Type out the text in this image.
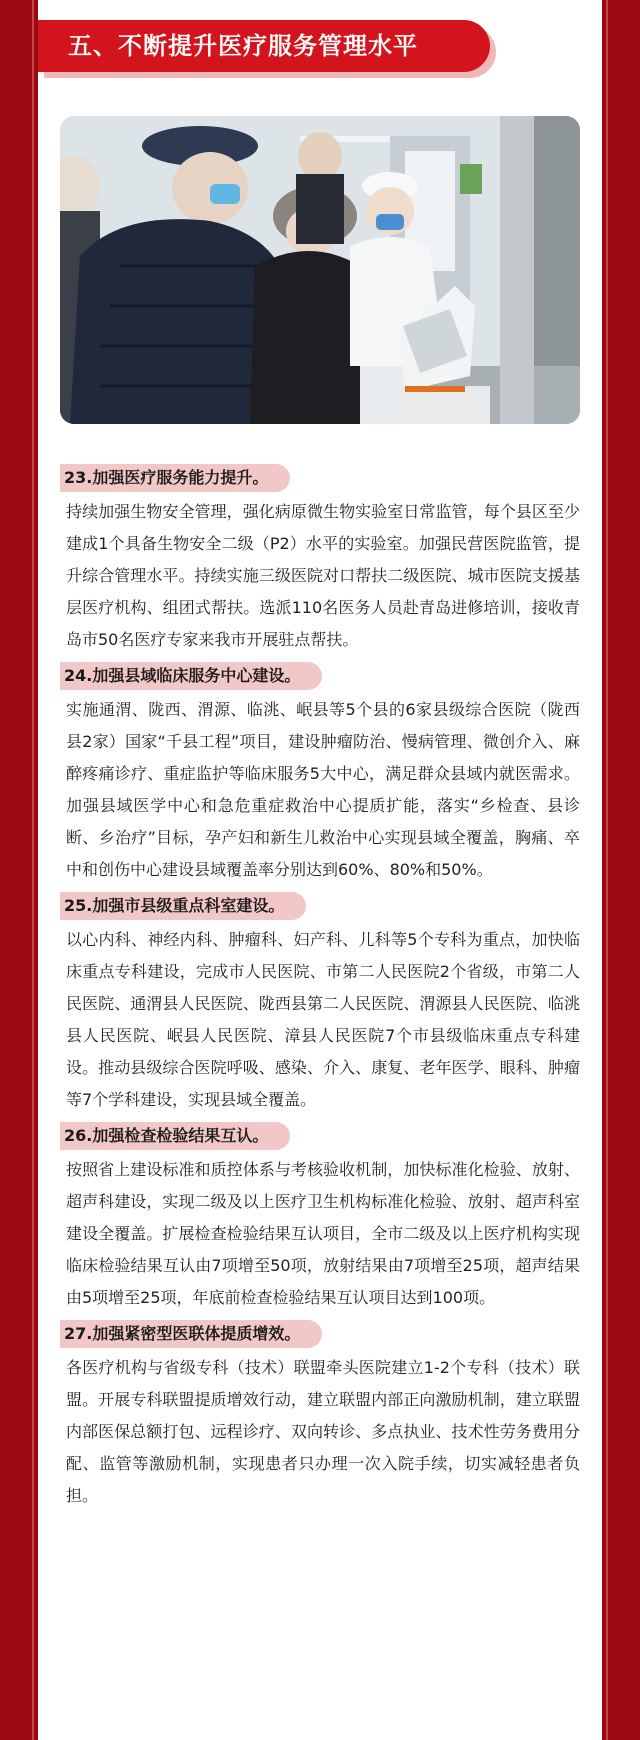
五、不断提升医疗服务管理水平
23.加强医疗服务能力提升。
持续加强生物安全管理，强化病原微生物实验室日常监管，每个县区至少建成1个具备生物安全二级（P2）水平的实验室。加强民营医院监管，提升综合管理水平。持续实施三级医院对口帮扶二级医院、城市医院支援基层医疗机构、组团式帮扶。选派110名医务人员赴青岛进修培训，接收青岛市50名医疗专家来我市开展驻点帮扶。
24.加强县域临床服务中心建设。
实施通渭、陇西、渭源、临洮、岷县等5个县的6家县级综合医院（陇西县2家）国家“千县工程”项目，建设肿瘤防治、慢病管理、微创介入、麻醉疼痛诊疗、重症监护等临床服务5大中心，满足群众县域内就医需求。加强县域医学中心和急危重症救治中心提质扩能，落实“乡检查、县诊断、乡治疗”目标，孕产妇和新生儿救治中心实现县域全覆盖，胸痛、卒中和创伤中心建设县域覆盖率分别达到60%、80%和50%。
25.加强市县级重点科室建设。
以心内科、神经内科、肿瘤科、妇产科、儿科等5个专科为重点，加快临床重点专科建设，完成市人民医院、市第二人民医院2个省级，市第二人民医院、通渭县人民医院、陇西县第二人民医院、渭源县人民医院、临洮县人民医院、岷县人民医院、漳县人民医院7个市县级临床重点专科建设。推动县级综合医院呼吸、感染、介入、康复、老年医学、眼科、肿瘤等7个学科建设，实现县域全覆盖。
26.加强检查检验结果互认。
按照省上建设标准和质控体系与考核验收机制，加快标准化检验、放射、超声科建设，实现二级及以上医疗卫生机构标准化检验、放射、超声科室建设全覆盖。扩展检查检验结果互认项目，全市二级及以上医疗机构实现临床检验结果互认由7项增至50项，放射结果由7项增至25项，超声结果由5项增至25项，年底前检查检验结果互认项目达到100项。
27.加强紧密型医联体提质增效。
各医疗机构与省级专科（技术）联盟牵头医院建立1-2个专科（技术）联盟。开展专科联盟提质增效行动，建立联盟内部正向激励机制，建立联盟内部医保总额打包、远程诊疗、双向转诊、多点执业、技术性劳务费用分配、监管等激励机制，实现患者只办理一次入院手续，切实减轻患者负担。
